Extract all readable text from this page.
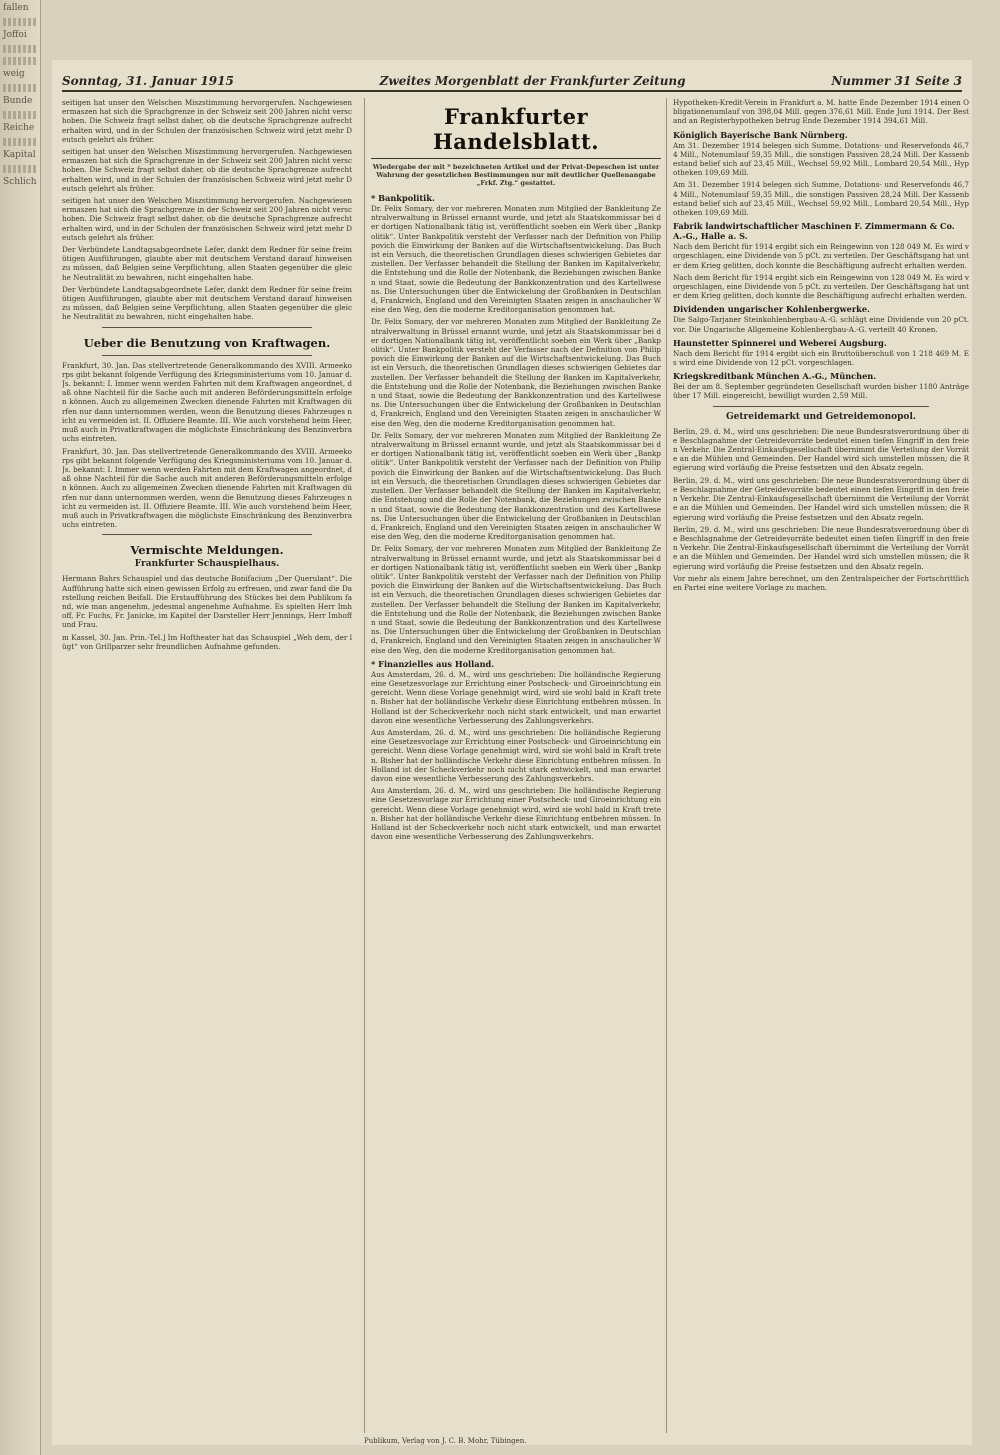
fallen
Joffoi
weig
Bunde
Reiche
Kapital
Schlich
Sonntag, 31. Januar 1915	Zweites Morgenblatt der Frankfurter Zeitung	Nummer 31 Seite 3

seitigen hat unser den Welschen Miszstimmung hervorgerufen. Nachgewiesenermaszen hat sich die Sprachgrenze in der Schweiz seit 200 Jahren nicht verschoben. Die Schweiz fragt selbst daher, ob die deutsche Sprachgrenze aufrecht erhalten wird, und in der Schulen der französischen Schweiz wird jetzt mehr Deutsch gelehrt als früher.

seitigen hat unser den Welschen Miszstimmung hervorgerufen. Nachgewiesenermaszen hat sich die Sprachgrenze in der Schweiz seit 200 Jahren nicht verschoben. Die Schweiz fragt selbst daher, ob die deutsche Sprachgrenze aufrecht erhalten wird, und in der Schulen der französischen Schweiz wird jetzt mehr Deutsch gelehrt als früher.

seitigen hat unser den Welschen Miszstimmung hervorgerufen. Nachgewiesenermaszen hat sich die Sprachgrenze in der Schweiz seit 200 Jahren nicht verschoben. Die Schweiz fragt selbst daher, ob die deutsche Sprachgrenze aufrecht erhalten wird, und in der Schulen der französischen Schweiz wird jetzt mehr Deutsch gelehrt als früher.

Der Verbündete Landtagsabgeordnete Lefer, dankt dem Redner für seine freimütigen Ausführungen, glaubte aber mit deutschem Verstand darauf hinweisen zu müssen, daß Belgien seine Verpflichtung, allen Staaten gegenüber die gleiche Neutralität zu bewahren, nicht eingehalten habe.

Der Verbündete Landtagsabgeordnete Lefer, dankt dem Redner für seine freimütigen Ausführungen, glaubte aber mit deutschem Verstand darauf hinweisen zu müssen, daß Belgien seine Verpflichtung, allen Staaten gegenüber die gleiche Neutralität zu bewahren, nicht eingehalten habe.

Ueber die Benutzung von Kraftwagen.

Frankfurt, 30. Jan. Das stellvertretende Generalkommando des XVIII. Armeekorps gibt bekannt folgende Verfügung des Kriegsministeriums vom 10. Januar d. Js. bekannt: I. Immer wenn werden Fahrten mit dem Kraftwagen angeordnet, daß ohne Nachteil für die Sache auch mit anderen Beförderungsmitteln erfolgen können. Auch zu allgemeinen Zwecken dienende Fahrten mit Kraftwagen dürfen nur dann unternommen werden, wenn die Benutzung dieses Fahrzeuges nicht zu vermeiden ist. II. Offiziere Beamte. III. Wie auch vorstehend beim Heer, muß auch in Privatkraftwagen die möglichste Einschränkung des Benzinverbrauchs eintreten.

Frankfurt, 30. Jan. Das stellvertretende Generalkommando des XVIII. Armeekorps gibt bekannt folgende Verfügung des Kriegsministeriums vom 10. Januar d. Js. bekannt: I. Immer wenn werden Fahrten mit dem Kraftwagen angeordnet, daß ohne Nachteil für die Sache auch mit anderen Beförderungsmitteln erfolgen können. Auch zu allgemeinen Zwecken dienende Fahrten mit Kraftwagen dürfen nur dann unternommen werden, wenn die Benutzung dieses Fahrzeuges nicht zu vermeiden ist. II. Offiziere Beamte. III. Wie auch vorstehend beim Heer, muß auch in Privatkraftwagen die möglichste Einschränkung des Benzinverbrauchs eintreten.

Vermischte Meldungen.
Frankfurter Schauspielhaus.

Hermann Bahrs Schauspiel und das deutsche Bonifacium „Der Querulant“. Die Aufführung hatte sich einen gewissen Erfolg zu erfreuen, und zwar fand die Darstellung reichen Beifall. Die Erstaufführung des Stückes bei dem Publikum fand, wie man angenehm, jedesmal angenehme Aufnahme. Es spielten Herr Imhoff, Fr. Fuchs, Fr. Janicke, im Kapitel der Darsteller Herr Jennings, Herr Imhoff und Frau.

m Kassel, 30. Jan. Prin.-Tel.] Im Hoftheater hat das Schauspiel „Weh dem, der lügt“ von Grillparzer sehr freundlichen Aufnahme gefunden.

Frankfurter Handelsblatt.
Wiedergabe der mit * bezeichneten Artikel und der Privat-Depeschen ist unter Wahrung der gesetzlichen Bestimmungen nur mit deutlicher Quellenangabe „Frkf. Ztg.“ gestattet.
* Bankpolitik.

Dr. Felix Somary, der vor mehreren Monaten zum Mitglied der Bankleitung Zentralverwaltung in Brüssel ernannt wurde, und jetzt als Staatskommissar bei der dortigen Nationalbank tätig ist, veröffentlicht soeben ein Werk über „Bankpolitik“. Unter Bankpolitik versteht der Verfasser nach der Definition von Philippovich die Einwirkung der Banken auf die Wirtschaftsentwickelung. Das Buch ist ein Versuch, die theoretischen Grundlagen dieses schwierigen Gebietes darzustellen. Der Verfasser behandelt die Stellung der Banken im Kapitalverkehr, die Entstehung und die Rolle der Notenbank, die Beziehungen zwischen Banken und Staat, sowie die Bedeutung der Bankkonzentration und des Kartellwesens. Die Untersuchungen über die Entwickelung der Großbanken in Deutschland, Frankreich, England und den Vereinigten Staaten zeigen in anschaulicher Weise den Weg, den die moderne Kreditorganisation genommen hat.

Dr. Felix Somary, der vor mehreren Monaten zum Mitglied der Bankleitung Zentralverwaltung in Brüssel ernannt wurde, und jetzt als Staatskommissar bei der dortigen Nationalbank tätig ist, veröffentlicht soeben ein Werk über „Bankpolitik“. Unter Bankpolitik versteht der Verfasser nach der Definition von Philippovich die Einwirkung der Banken auf die Wirtschaftsentwickelung. Das Buch ist ein Versuch, die theoretischen Grundlagen dieses schwierigen Gebietes darzustellen. Der Verfasser behandelt die Stellung der Banken im Kapitalverkehr, die Entstehung und die Rolle der Notenbank, die Beziehungen zwischen Banken und Staat, sowie die Bedeutung der Bankkonzentration und des Kartellwesens. Die Untersuchungen über die Entwickelung der Großbanken in Deutschland, Frankreich, England und den Vereinigten Staaten zeigen in anschaulicher Weise den Weg, den die moderne Kreditorganisation genommen hat.

Dr. Felix Somary, der vor mehreren Monaten zum Mitglied der Bankleitung Zentralverwaltung in Brüssel ernannt wurde, und jetzt als Staatskommissar bei der dortigen Nationalbank tätig ist, veröffentlicht soeben ein Werk über „Bankpolitik“. Unter Bankpolitik versteht der Verfasser nach der Definition von Philippovich die Einwirkung der Banken auf die Wirtschaftsentwickelung. Das Buch ist ein Versuch, die theoretischen Grundlagen dieses schwierigen Gebietes darzustellen. Der Verfasser behandelt die Stellung der Banken im Kapitalverkehr, die Entstehung und die Rolle der Notenbank, die Beziehungen zwischen Banken und Staat, sowie die Bedeutung der Bankkonzentration und des Kartellwesens. Die Untersuchungen über die Entwickelung der Großbanken in Deutschland, Frankreich, England und den Vereinigten Staaten zeigen in anschaulicher Weise den Weg, den die moderne Kreditorganisation genommen hat.

Dr. Felix Somary, der vor mehreren Monaten zum Mitglied der Bankleitung Zentralverwaltung in Brüssel ernannt wurde, und jetzt als Staatskommissar bei der dortigen Nationalbank tätig ist, veröffentlicht soeben ein Werk über „Bankpolitik“. Unter Bankpolitik versteht der Verfasser nach der Definition von Philippovich die Einwirkung der Banken auf die Wirtschaftsentwickelung. Das Buch ist ein Versuch, die theoretischen Grundlagen dieses schwierigen Gebietes darzustellen. Der Verfasser behandelt die Stellung der Banken im Kapitalverkehr, die Entstehung und die Rolle der Notenbank, die Beziehungen zwischen Banken und Staat, sowie die Bedeutung der Bankkonzentration und des Kartellwesens. Die Untersuchungen über die Entwickelung der Großbanken in Deutschland, Frankreich, England und den Vereinigten Staaten zeigen in anschaulicher Weise den Weg, den die moderne Kreditorganisation genommen hat.

* Finanzielles aus Holland.

Aus Amsterdam, 26. d. M., wird uns geschrieben: Die holländische Regierung eine Gesetzesvorlage zur Errichtung einer Postscheck- und Giroeinrichtung eingereicht. Wenn diese Vorlage genehmigt wird, wird sie wohl bald in Kraft treten. Bisher hat der holländische Verkehr diese Einrichtung entbehren müssen. In Holland ist der Scheckverkehr noch nicht stark entwickelt, und man erwartet davon eine wesentliche Verbesserung des Zahlungsverkehrs.

Aus Amsterdam, 26. d. M., wird uns geschrieben: Die holländische Regierung eine Gesetzesvorlage zur Errichtung einer Postscheck- und Giroeinrichtung eingereicht. Wenn diese Vorlage genehmigt wird, wird sie wohl bald in Kraft treten. Bisher hat der holländische Verkehr diese Einrichtung entbehren müssen. In Holland ist der Scheckverkehr noch nicht stark entwickelt, und man erwartet davon eine wesentliche Verbesserung des Zahlungsverkehrs.

Aus Amsterdam, 26. d. M., wird uns geschrieben: Die holländische Regierung eine Gesetzesvorlage zur Errichtung einer Postscheck- und Giroeinrichtung eingereicht. Wenn diese Vorlage genehmigt wird, wird sie wohl bald in Kraft treten. Bisher hat der holländische Verkehr diese Einrichtung entbehren müssen. In Holland ist der Scheckverkehr noch nicht stark entwickelt, und man erwartet davon eine wesentliche Verbesserung des Zahlungsverkehrs.

Hypotheken-Kredit-Verein in Frankfurt a. M. hatte Ende Dezember 1914 einen Obligationenumlauf von 398,04 Mill. gegen 376,61 Mill. Ende Juni 1914. Der Bestand an Registerhypotheken betrug Ende Dezember 1914 394,61 Mill.

Königlich Bayerische Bank Nürnberg.

Am 31. Dezember 1914 belegen sich Summe, Dotations- und Reservefonds 46,74 Mill., Notenumlauf 59,35 Mill., die sonstigen Passiven 28,24 Mill. Der Kassenbestand belief sich auf 23,45 Mill., Wechsel 59,92 Mill., Lombard 20,54 Mill., Hypotheken 109,69 Mill.

Am 31. Dezember 1914 belegen sich Summe, Dotations- und Reservefonds 46,74 Mill., Notenumlauf 59,35 Mill., die sonstigen Passiven 28,24 Mill. Der Kassenbestand belief sich auf 23,45 Mill., Wechsel 59,92 Mill., Lombard 20,54 Mill., Hypotheken 109,69 Mill.

Fabrik landwirtschaftlicher Maschinen F. Zimmermann & Co. A.-G., Halle a. S.

Nach dem Bericht für 1914 ergibt sich ein Reingewinn von 128 049 M. Es wird vorgeschlagen, eine Dividende von 5 pCt. zu verteilen. Der Geschäftsgang hat unter dem Krieg gelitten, doch konnte die Beschäftigung aufrecht erhalten werden.

Nach dem Bericht für 1914 ergibt sich ein Reingewinn von 128 049 M. Es wird vorgeschlagen, eine Dividende von 5 pCt. zu verteilen. Der Geschäftsgang hat unter dem Krieg gelitten, doch konnte die Beschäftigung aufrecht erhalten werden.

Dividenden ungarischer Kohlenbergwerke.

Die Salgo-Tarjaner Steinkohlenbergbau-A.-G. schlägt eine Dividende von 20 pCt. vor. Die Ungarische Allgemeine Kohlenbergbau-A.-G. verteilt 40 Kronen.

Haunstetter Spinnerei und Weberei Augsburg.

Nach dem Bericht für 1914 ergibt sich ein Bruttoüberschuß von 1 218 469 M. Es wird eine Dividende von 12 pCt. vorgeschlagen.

Kriegskreditbank München A.-G., München.

Bei der am 8. September gegründeten Gesellschaft wurden bisher 1180 Anträge über 17 Mill. eingereicht, bewilligt wurden 2,59 Mill.

Getreidemarkt und Getreidemonopol.

Berlin, 29. d. M., wird uns geschrieben: Die neue Bundesratsverordnung über die Beschlagnahme der Getreidevorräte bedeutet einen tiefen Eingriff in den freien Verkehr. Die Zentral-Einkaufsgesellschaft übernimmt die Verteilung der Vorräte an die Mühlen und Gemeinden. Der Handel wird sich umstellen müssen; die Regierung wird vorläufig die Preise festsetzen und den Absatz regeln.

Berlin, 29. d. M., wird uns geschrieben: Die neue Bundesratsverordnung über die Beschlagnahme der Getreidevorräte bedeutet einen tiefen Eingriff in den freien Verkehr. Die Zentral-Einkaufsgesellschaft übernimmt die Verteilung der Vorräte an die Mühlen und Gemeinden. Der Handel wird sich umstellen müssen; die Regierung wird vorläufig die Preise festsetzen und den Absatz regeln.

Berlin, 29. d. M., wird uns geschrieben: Die neue Bundesratsverordnung über die Beschlagnahme der Getreidevorräte bedeutet einen tiefen Eingriff in den freien Verkehr. Die Zentral-Einkaufsgesellschaft übernimmt die Verteilung der Vorräte an die Mühlen und Gemeinden. Der Handel wird sich umstellen müssen; die Regierung wird vorläufig die Preise festsetzen und den Absatz regeln.

Vor mehr als einem Jahre berechnet, um den Zentralspeicher der Fortschrittlichen Partei eine weitere Vorlage zu machen.

Publikum, Verlag von J. C. B. Mohr, Tübingen.
